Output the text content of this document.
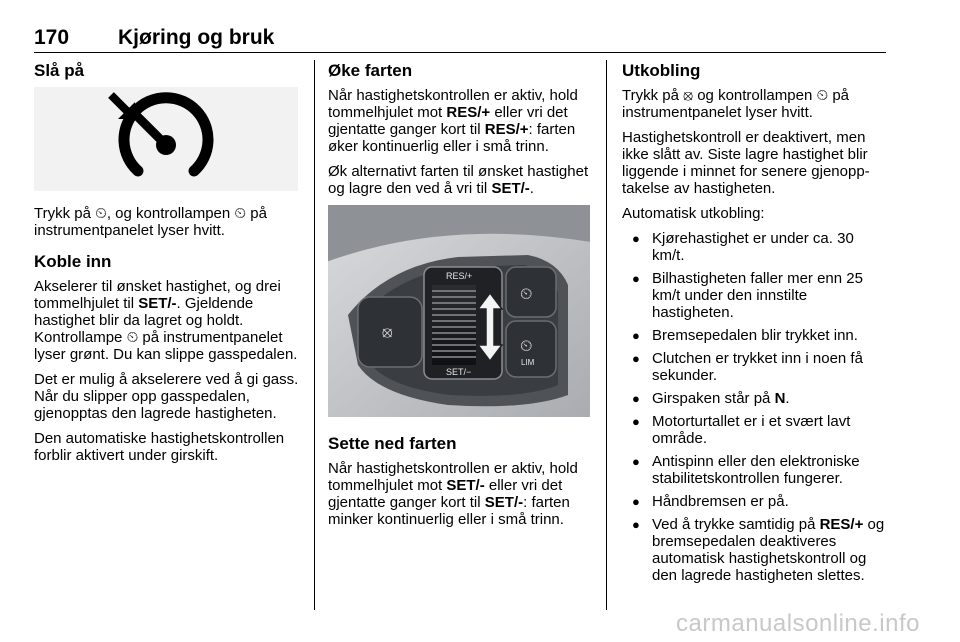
170 Kjøring og bruk
Slå på

Trykk på ⏲, og kontrollampen ⏲ på instrumentpanelet lyser hvitt.

Koble inn

Akselerer til ønsket hastighet, og drei tommelhjulet til SET/-. Gjeldende hastighet blir da lagret og holdt. Kontrollampe ⏲ på instrumentpanelet lyser grønt. Du kan slippe gasspedalen.

Det er mulig å akselerere ved å gi gass. Når du slipper opp gasspedalen, gjenopptas den lagrede hastigheten.

Den automatiske hastighetskontrollen forblir aktivert under girskift.

Øke farten

Når hastighetskontrollen er aktiv, hold tommelhjulet mot RES/+ eller vri det gjentatte ganger kort til RES/+: farten øker kontinuerlig eller i små trinn.

Øk alternativt farten til ønsket hastighet og lagre den ved å vri til SET/-.

⦻
RES/+
SET/−
⏲
⏲
LIM
Sette ned farten

Når hastighetskontrollen er aktiv, hold tommelhjulet mot SET/- eller vri det gjentatte ganger kort til SET/-: farten minker kontinuerlig eller i små trinn.

Utkobling

Trykk på ⦻ og kontrollampen ⏲ på instrumentpanelet lyser hvitt.

Hastighetskontroll er deaktivert, men ikke slått av. Siste lagre hastighet blir liggende i minnet for senere gjenopptakelse av hastigheten.

Automatisk utkobling:

● Kjørehastighet er under ca. 30 km/t.
● Bilhastigheten faller mer enn 25 km/t under den innstilte hastigheten.
● Bremsepedalen blir trykket inn.
● Clutchen er trykket inn i noen få sekunder.
● Girspaken står på N.
● Motorturtallet er i et svært lavt område.
● Antispinn eller den elektroniske stabilitetskontrollen fungerer.
● Håndbremsen er på.
● Ved å trykke samtidig på RES/+ og bremsepedalen deaktiveres automatisk hastighetskontroll og den lagrede hastigheten slettes.
carmanualsonline.info
